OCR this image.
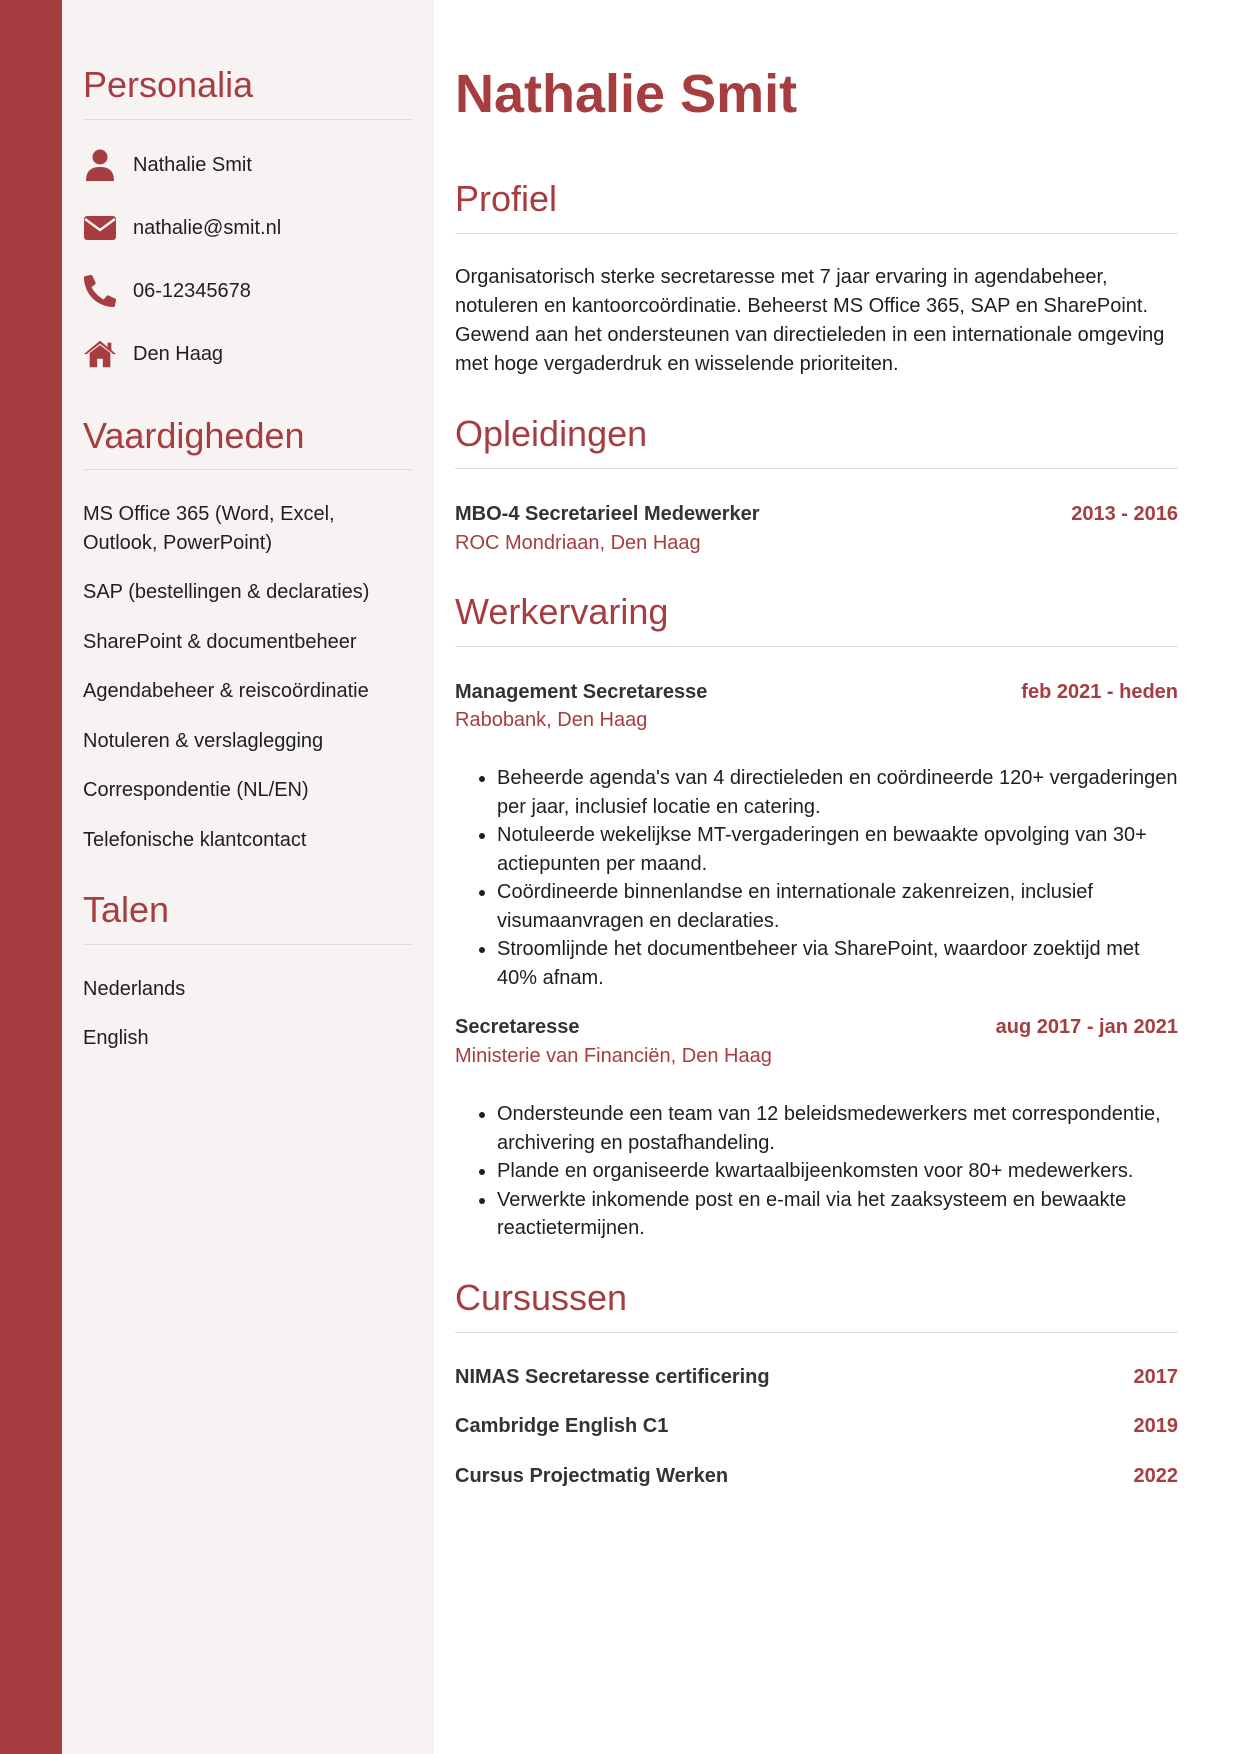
Personalia
Nathalie Smit
nathalie@smit.nl
06-12345678
Den Haag
Vaardigheden
MS Office 365 (Word, Excel, Outlook, PowerPoint)
SAP (bestellingen & declaraties)
SharePoint & documentbeheer
Agendabeheer & reiscoördinatie
Notuleren & verslaglegging
Correspondentie (NL/EN)
Telefonische klantcontact
Talen
Nederlands
English
Nathalie Smit
Profiel

Organisatorisch sterke secretaresse met 7 jaar ervaring in agendabeheer, notuleren en kantoorcoördinatie. Beheerst MS Office 365, SAP en SharePoint. Gewend aan het ondersteunen van directieleden in een internationale omgeving met hoge vergaderdruk en wisselende prioriteiten.

Opleidingen
MBO-4 Secretarieel Medewerker	2013 - 2016
ROC Mondriaan, Den Haag
Werkervaring
Management Secretaresse	feb 2021 - heden
Rabobank, Den Haag
• Beheerde agenda's van 4 directieleden en coördineerde 120+ vergaderingen per jaar, inclusief locatie en catering.
• Notuleerde wekelijkse MT-vergaderingen en bewaakte opvolging van 30+ actiepunten per maand.
• Coördineerde binnenlandse en internationale zakenreizen, inclusief visumaanvragen en declaraties.
• Stroomlijnde het documentbeheer via SharePoint, waardoor zoektijd met 40% afnam.
Secretaresse	aug 2017 - jan 2021
Ministerie van Financiën, Den Haag
• Ondersteunde een team van 12 beleidsmedewerkers met correspondentie, archivering en postafhandeling.
• Plande en organiseerde kwartaalbijeenkomsten voor 80+ medewerkers.
• Verwerkte inkomende post en e-mail via het zaaksysteem en bewaakte reactietermijnen.
Cursussen
NIMAS Secretaresse certificering	2017
Cambridge English C1	2019
Cursus Projectmatig Werken	2022
